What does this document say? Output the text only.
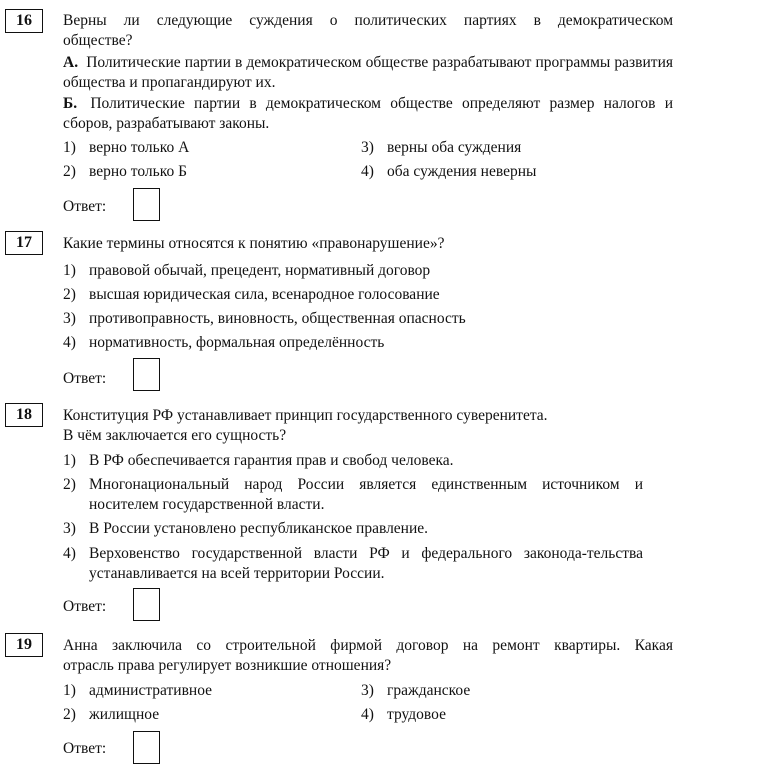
16	Верны ли следующие суждения о политических партиях в демократическом
обществе?
А. Политические партии в демократическом обществе разрабатывают программы развития общества и пропагандируют их.
Б. Политические партии в демократическом обществе определяют размер налогов и сборов, разрабатывают законы.
1) верно только А	3) верны оба суждения
2) верно только Б	4) оба суждения неверны
Ответ:
17	Какие термины относятся к понятию «правонарушение»?
1) правовой обычай, прецедент, нормативный договор
2) высшая юридическая сила, всенародное голосование
3) противоправность, виновность, общественная опасность
4) нормативность, формальная определённость
Ответ:
18	Конституция РФ устанавливает принцип государственного суверенитета.
В чём заключается его сущность?
1) В РФ обеспечивается гарантия прав и свобод человека.
2) Многонациональный народ России является единственным источником и носителем государственной власти.
3) В России установлено республиканское правление.
4) Верховенство государственной власти РФ и федерального законода-тельства устанавливается на всей территории России.
Ответ:
19	Анна заключила со строительной фирмой договор на ремонт квартиры. Какая
отрасль права регулирует возникшие отношения?
1) административное	3) гражданское
2) жилищное	4) трудовое
Ответ:
